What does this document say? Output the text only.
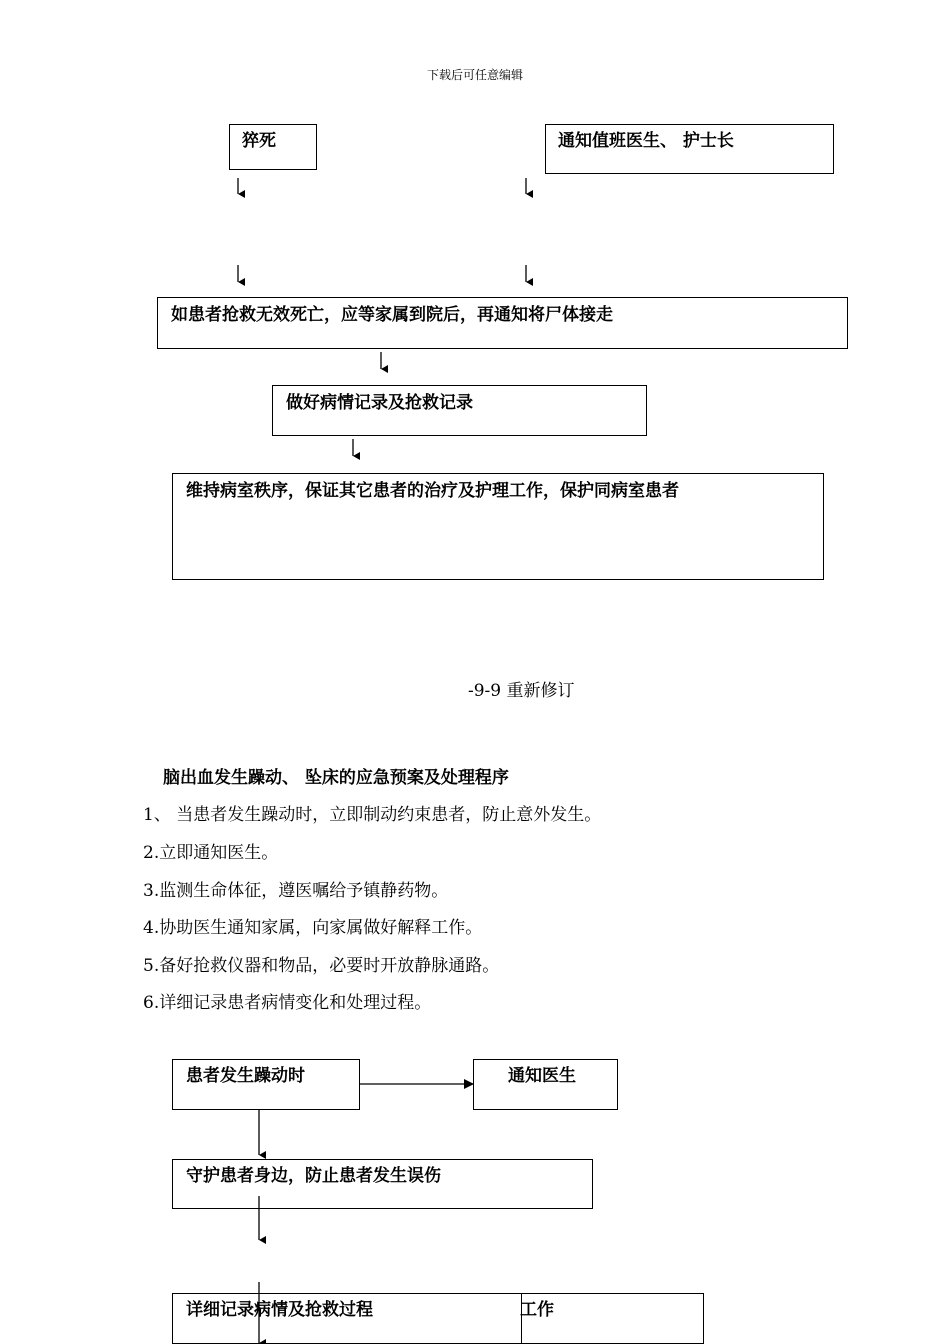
下载后可任意编辑
猝死	通知值班医生、 护士长
如患者抢救无效死亡，应等家属到院后，再通知将尸体接走
做好病情记录及抢救记录
维持病室秩序，保证其它患者的治疗及护理工作，保护同病室患者
-9-9 重新修订
脑出血发生躁动、 坠床的应急预案及处理程序
1、 当患者发生躁动时，立即制动约束患者，防止意外发生。
2.立即通知医生。
3.监测生命体征，遵医嘱给予镇静药物。
4.协助医生通知家属，向家属做好解释工作。
5.备好抢救仪器和物品，必要时开放静脉通路。
6.详细记录患者病情变化和处理过程。
患者发生躁动时	通知医生
守护患者身边，防止患者发生误伤
工作
详细记录病情及抢救过程
